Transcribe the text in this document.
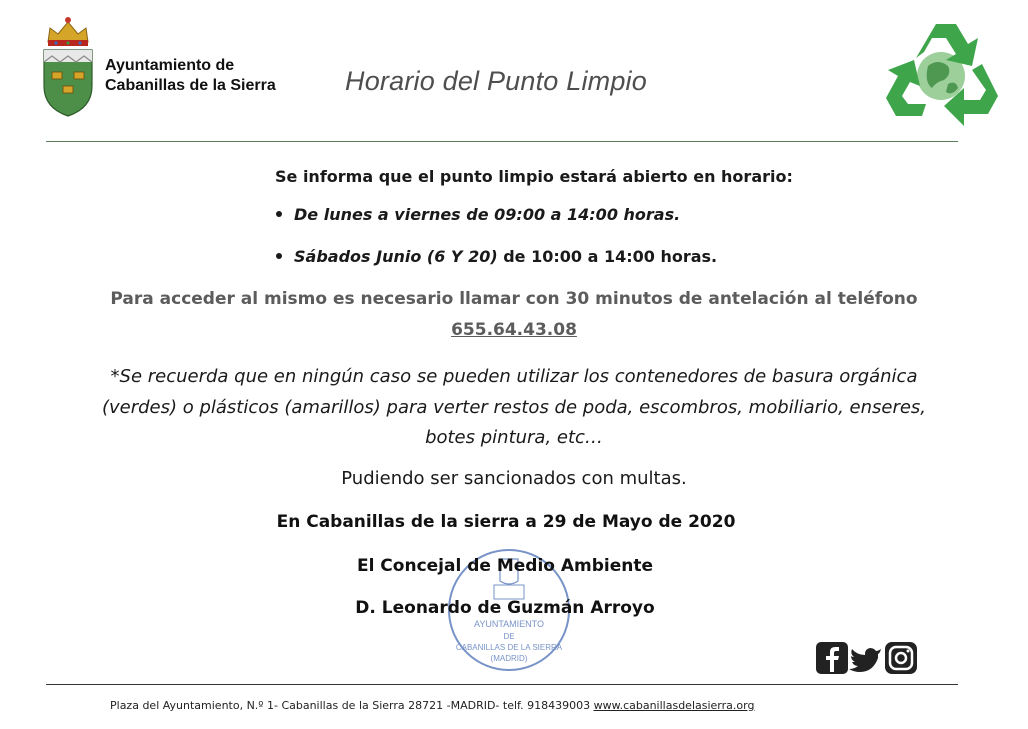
Ayuntamiento de
Cabanillas de la Sierra	Horario del Punto Limpio
Se informa que el punto limpio estará abierto en horario:
De lunes a viernes de 09:00 a 14:00 horas.
Sábados Junio (6 Y 20) de 10:00 a 14:00 horas.
Para acceder al mismo es necesario llamar con 30 minutos de antelación al teléfono
655.64.43.08
*Se recuerda que en ningún caso se pueden utilizar los contenedores de basura orgánica
(verdes) o plásticos (amarillos) para verter restos de poda, escombros, mobiliario, enseres,
botes pintura, etc…
Pudiendo ser sancionados con multas.
AYUNTAMIENTO
DE
CABANILLAS DE LA SIERRA
(MADRID)
En Cabanillas de la sierra a 29 de Mayo de 2020
El Concejal de Medio Ambiente
D. Leonardo de Guzmán Arroyo
Plaza del Ayuntamiento, N.º 1- Cabanillas de la Sierra 28721 -MADRID- telf. 918439003 www.cabanillasdelasierra.org
